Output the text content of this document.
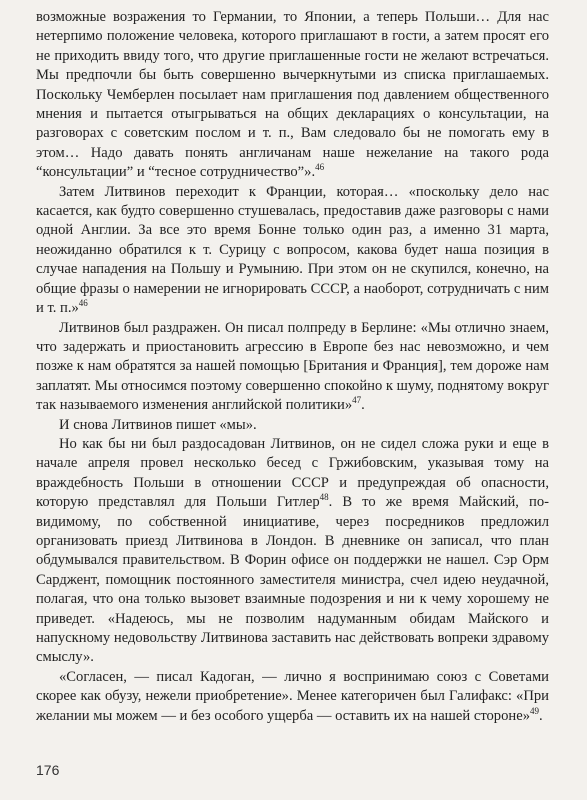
возможные возражения то Германии, то Японии, а теперь Польши… Для нас нетерпимо положение человека, которого приглашают в гости, а затем просят его не приходить ввиду того, что другие приглашенные гости не желают встречаться. Мы предпочли бы быть совершенно вычеркнутыми из списка приглашаемых. Поскольку Чемберлен посылает нам приглашения под давлением общественного мнения и пытается отыгрываться на общих декларациях о консультации, на разговорах с советским послом и т. п., Вам следовало бы не помогать ему в этом… Надо давать понять англичанам наше нежелание на такого рода “консультации” и “тесное сотрудничество”».$^{46}$

Затем Литвинов переходит к Франции, которая… «поскольку дело нас касается, как будто совершенно стушевалась, предоставив даже разговоры с нами одной Англии. За все это время Бонне только один раз, а именно 31 марта, неожиданно обратился к т. Сурицу с вопросом, какова будет наша позиция в случае нападения на Польшу и Румынию. При этом он не скупился, конечно, на общие фразы о намерении не игнорировать СССР, а наоборот, сотрудничать с ним и т. п.»$^{46}$

Литвинов был раздражен. Он писал полпреду в Берлине: «Мы отлично знаем, что задержать и приостановить агрессию в Европе без нас невозможно, и чем позже к нам обратятся за нашей помощью [Британия и Франция], тем дороже нам заплатят. Мы относимся поэтому совершенно спокойно к шуму, поднятому вокруг так называемого изменения английской политики»$^{47}$.

И снова Литвинов пишет «мы».

Но как бы ни был раздосадован Литвинов, он не сидел сложа руки и еще в начале апреля провел несколько бесед с Гржибовским, указывая тому на враждебность Польши в отношении СССР и предупреждая об опасности, которую представлял для Польши Гитлер$^{48}$. В то же время Майский, по-видимому, по собственной инициативе, через посредников предложил организовать приезд Литвинова в Лондон. В дневнике он записал, что план обдумывался правительством. В Форин офисе он поддержки не нашел. Сэр Орм Сарджент, помощник постоянного заместителя министра, счел идею неудачной, полагая, что она только вызовет взаимные подозрения и ни к чему хорошему не приведет. «Надеюсь, мы не позволим надуманным обидам Майского и напускному недовольству Литвинова заставить нас действовать вопреки здравому смыслу».

«Согласен, — писал Кадоган, — лично я воспринимаю союз с Советами скорее как обузу, нежели приобретение». Менее категоричен был Галифакс: «При желании мы можем — и без особого ущерба — оставить их на нашей стороне»$^{49}$.

176
